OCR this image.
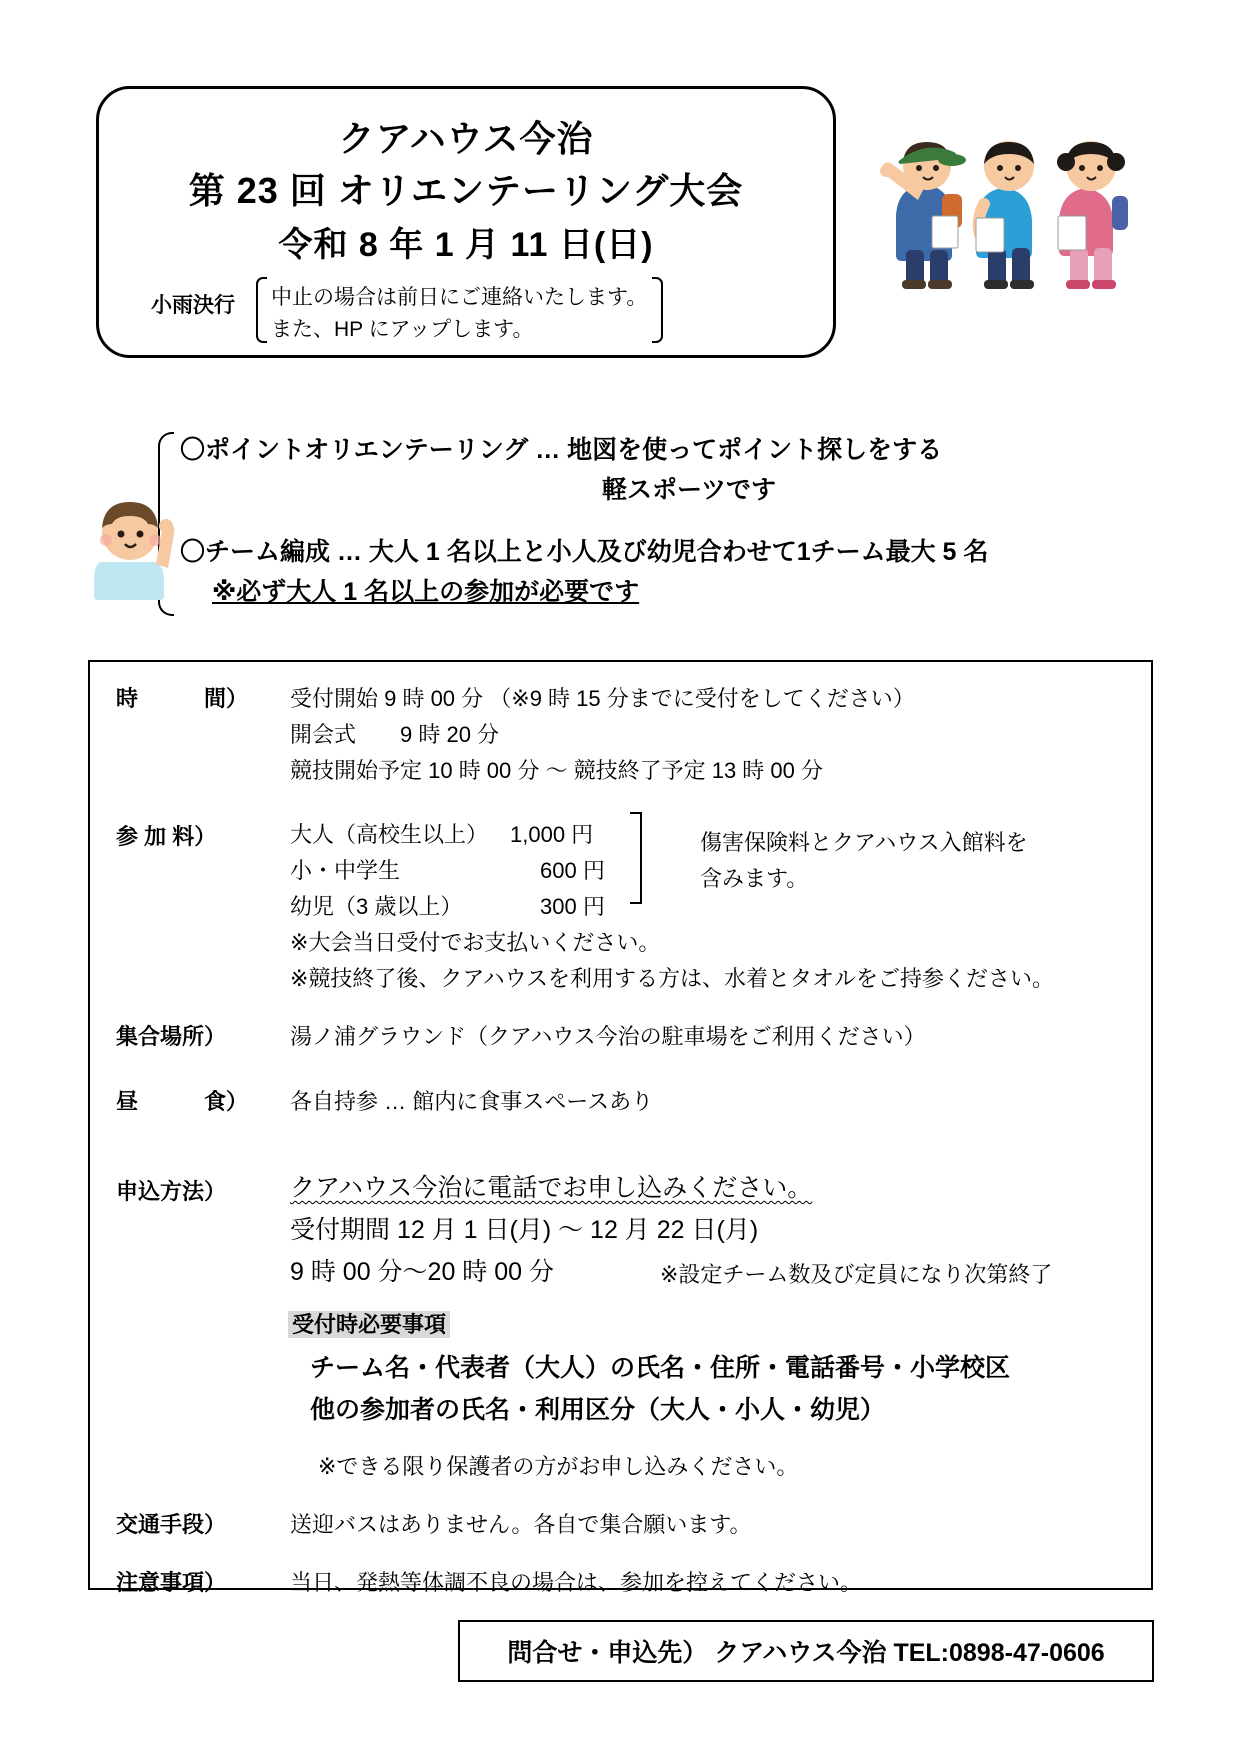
クアハウス今治
第 23 回 オリエンテーリング大会
令和 8 年 1 月 11 日(日)
小雨決行 中止の場合は前日にご連絡いたします。
また、HP にアップします。
〇ポイントオリエンテーリング … 地図を使ってポイント探しをする
軽スポーツです
〇チーム編成 … 大人 1 名以上と小人及び幼児合わせて1チーム最大 5 名
※必ず大人 1 名以上の参加が必要です
時　　　間） 受付開始 9 時 00 分 （※9 時 15 分までに受付をしてください）
開会式　　9 時 20 分
競技開始予定 10 時 00 分 ～ 競技終了予定 13 時 00 分
参 加 料）	大人（高校生以上） 1,000 円
小・中学生	600 円
幼児（3 歳以上）	300 円
傷害保険料とクアハウス入館料を
含みます。
※大会当日受付でお支払いください。
※競技終了後、クアハウスを利用する方は、水着とタオルをご持参ください。
集合場所）	湯ノ浦グラウンド（クアハウス今治の駐車場をご利用ください）
昼　　　食） 各自持参 … 館内に食事スペースあり
申込方法）	クアハウス今治に電話でお申し込みください。
受付期間 12 月 1 日(月) ～ 12 月 22 日(月)
9 時 00 分～20 時 00 分	※設定チーム数及び定員になり次第終了
受付時必要事項
チーム名・代表者（大人）の氏名・住所・電話番号・小学校区
他の参加者の氏名・利用区分（大人・小人・幼児）
※できる限り保護者の方がお申し込みください。
交通手段）	送迎バスはありません。各自で集合願います。
注意事項）	当日、発熱等体調不良の場合は、参加を控えてください。
問合せ・申込先） クアハウス今治 TEL:0898-47-0606
